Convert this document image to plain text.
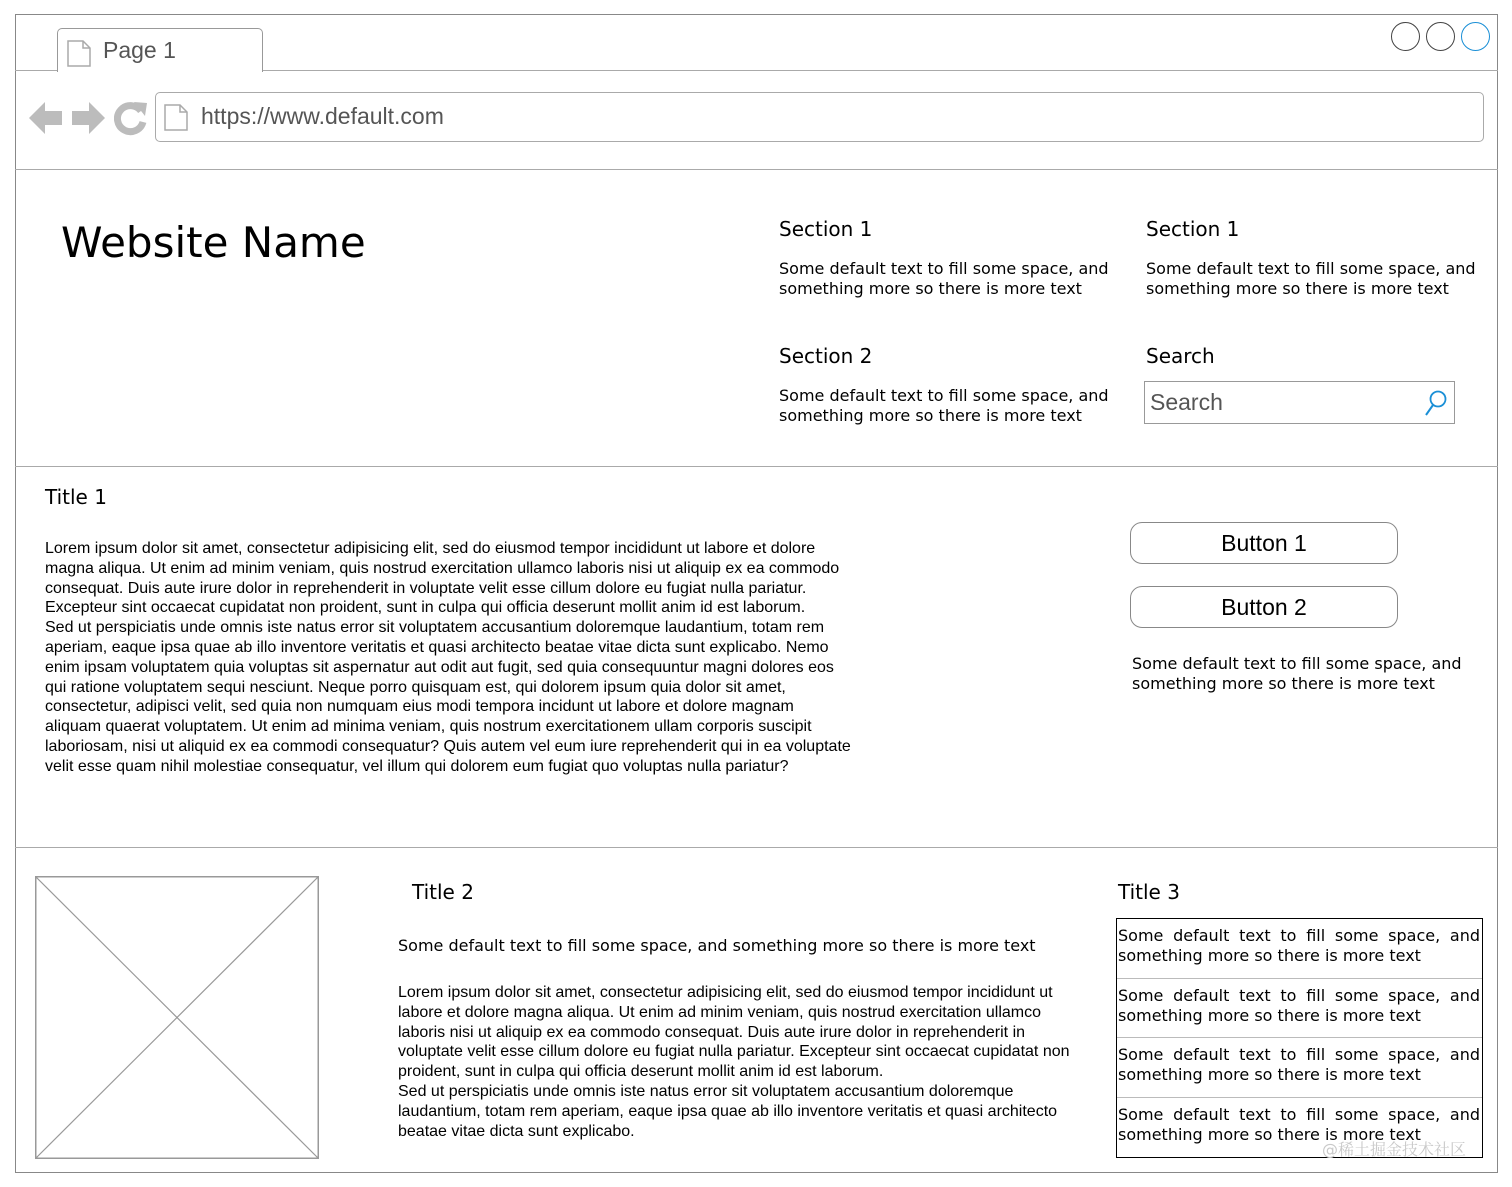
Page 1
https://www.default.com
Website Name	Section 1
Some default text to fill some space, and something more so there is more text
Section 1
Some default text to fill some space, and something more so there is more text
Section 2
Some default text to fill some space, and something more so there is more text
Search
Search
Title 1

Lorem ipsum dolor sit amet, consectetur adipisicing elit, sed do eiusmod tempor incididunt ut labore et dolore magna aliqua. Ut enim ad minim veniam, quis nostrud exercitation ullamco laboris nisi ut aliquip ex ea commodo consequat. Duis aute irure dolor in reprehenderit in voluptate velit esse cillum dolore eu fugiat nulla pariatur. Excepteur sint occaecat cupidatat non proident, sunt in culpa qui officia deserunt mollit anim id est laborum.

Sed ut perspiciatis unde omnis iste natus error sit voluptatem accusantium doloremque laudantium, totam rem aperiam, eaque ipsa quae ab illo inventore veritatis et quasi architecto beatae vitae dicta sunt explicabo. Nemo enim ipsam voluptatem quia voluptas sit aspernatur aut odit aut fugit, sed quia consequuntur magni dolores eos qui ratione voluptatem sequi nesciunt. Neque porro quisquam est, qui dolorem ipsum quia dolor sit amet, consectetur, adipisci velit, sed quia non numquam eius modi tempora incidunt ut labore et dolore magnam aliquam quaerat voluptatem. Ut enim ad minima veniam, quis nostrum exercitationem ullam corporis suscipit laboriosam, nisi ut aliquid ex ea commodi consequatur? Quis autem vel eum iure reprehenderit qui in ea voluptate velit esse quam nihil molestiae consequatur, vel illum qui dolorem eum fugiat quo voluptas nulla pariatur?

Button 1
Button 2
Some default text to fill some space, and something more so there is more text
Title 2
Some default text to fill some space, and something more so there is more text

Lorem ipsum dolor sit amet, consectetur adipisicing elit, sed do eiusmod tempor incididunt ut labore et dolore magna aliqua. Ut enim ad minim veniam, quis nostrud exercitation ullamco laboris nisi ut aliquip ex ea commodo consequat. Duis aute irure dolor in reprehenderit in voluptate velit esse cillum dolore eu fugiat nulla pariatur. Excepteur sint occaecat cupidatat non proident, sunt in culpa qui officia deserunt mollit anim id est laborum.

Sed ut perspiciatis unde omnis iste natus error sit voluptatem accusantium doloremque laudantium, totam rem aperiam, eaque ipsa quae ab illo inventore veritatis et quasi architecto beatae vitae dicta sunt explicabo.

Title 3
Some default text to fill some space, and something more so there is more text
Some default text to fill some space, and something more so there is more text
Some default text to fill some space, and something more so there is more text
Some default text to fill some space, and something more so there is more text
@稀土掘金技术社区
